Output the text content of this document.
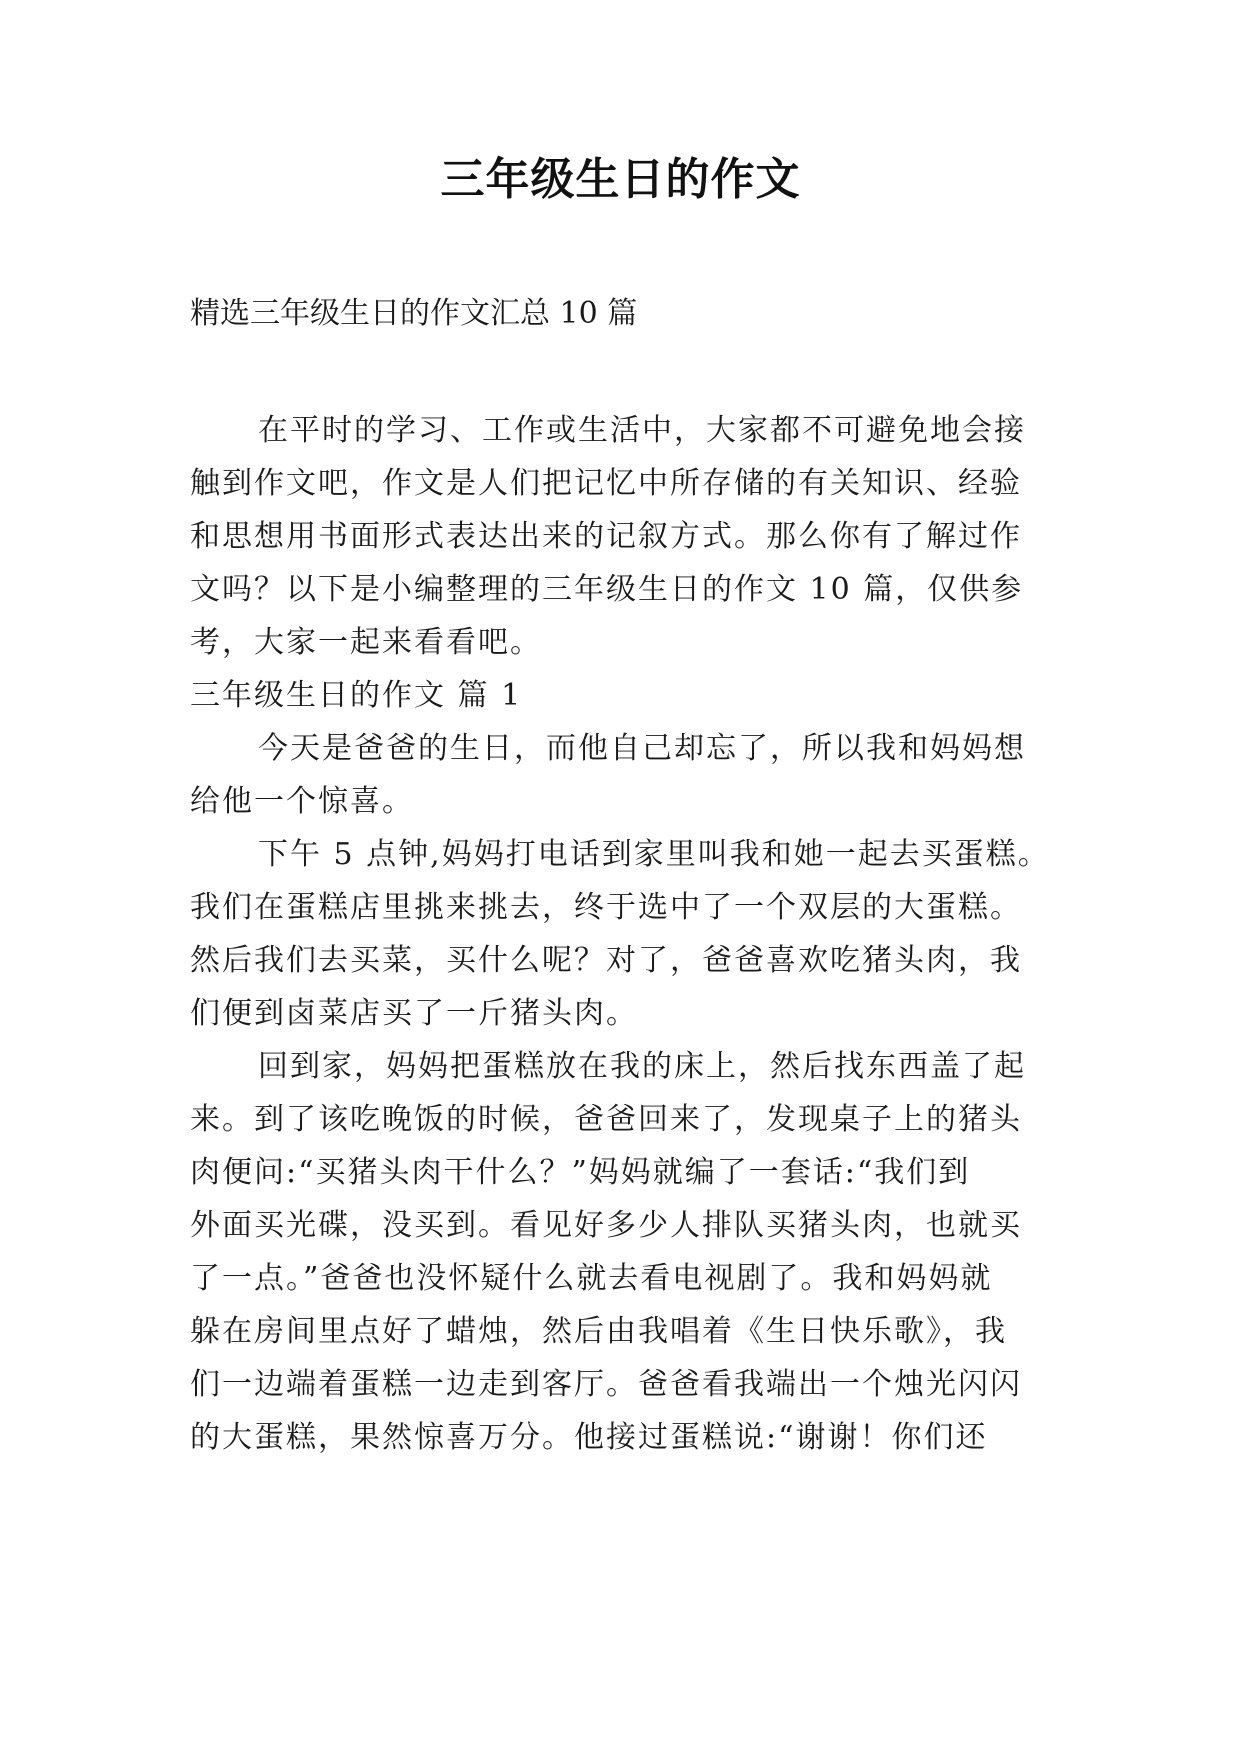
三年级生日的作文
精选三年级生日的作文汇总 10 篇
在平时的学习、工作或生活中，大家都不可避免地会接
触到作文吧，作文是人们把记忆中所存储的有关知识、经验
和思想用书面形式表达出来的记叙方式。那么你有了解过作
文吗？以下是小编整理的三年级生日的作文 10 篇，仅供参
考，大家一起来看看吧。
三年级生日的作文 篇 1
今天是爸爸的生日，而他自己却忘了，所以我和妈妈想
给他一个惊喜。
下午 5 点钟,妈妈打电话到家里叫我和她一起去买蛋糕。
我们在蛋糕店里挑来挑去，终于选中了一个双层的大蛋糕。
然后我们去买菜，买什么呢？对了，爸爸喜欢吃猪头肉，我
们便到卤菜店买了一斤猪头肉。
回到家，妈妈把蛋糕放在我的床上，然后找东西盖了起
来。到了该吃晚饭的时候，爸爸回来了，发现桌子上的猪头
肉便问:“买猪头肉干什么？”妈妈就编了一套话:“我们到
外面买光碟，没买到。看见好多少人排队买猪头肉，也就买
了一点。”爸爸也没怀疑什么就去看电视剧了。我和妈妈就
躲在房间里点好了蜡烛，然后由我唱着《生日快乐歌》，我
们一边端着蛋糕一边走到客厅。爸爸看我端出一个烛光闪闪
的大蛋糕，果然惊喜万分。他接过蛋糕说:“谢谢！你们还
